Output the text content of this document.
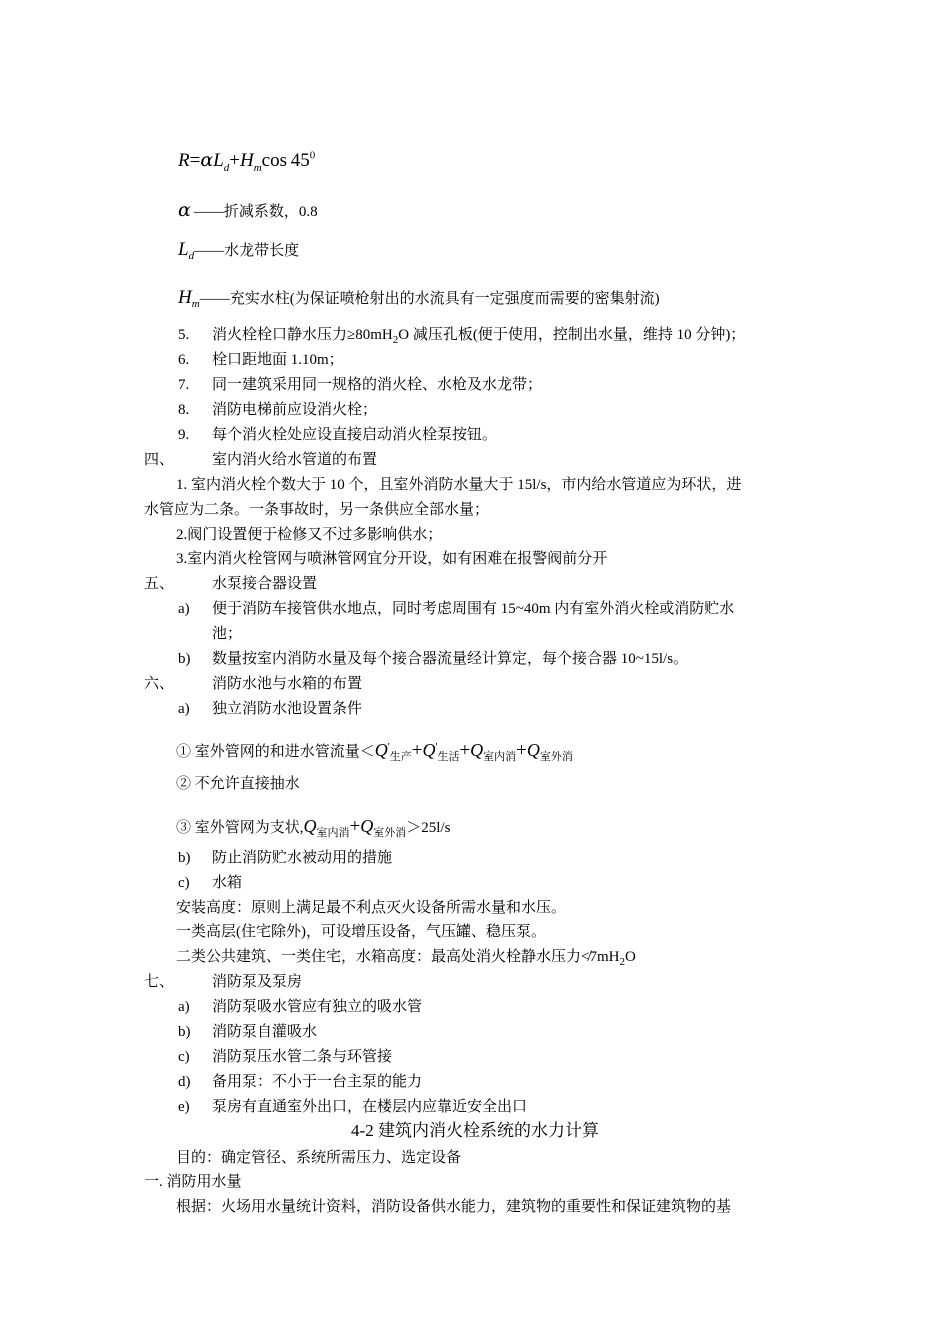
$R=\alpha L_d+H_m\cos$  $45^0$
α  ——折减系数，0.8
$L_d——$水龙带长度
$H_m——$充实水柱(为保证喷枪射出的水流具有一定强度而需要的密集射流)
5. 消火栓栓口静水压力$\ge 80mH_2O$ 减压孔板(便于使用，控制出水量，维持 10 分钟)；
6. 栓口距地面 1.10m；
7. 同一建筑采用同一规格的消火栓、水枪及水龙带；
8. 消防电梯前应设消火栓；
9. 每个消火栓处应设直接启动消火栓泵按钮。
四、	室内消火给水管道的布置
1. 室内消火栓个数大于 10 个，且室外消防水量大于 15l/s，市内给水管道应为环状，进
水管应为二条。一条事故时，另一条供应全部水量；
2.阀门设置便于检修又不过多影响供水；
3.室内消火栓管网与喷淋管网宜分开设，如有困难在报警阀前分开
五、	水泵接合器设置
a) 便于消防车接管供水地点，同时考虑周围有 15~40m 内有室外消火栓或消防贮水
池；
b) 数量按室内消防水量及每个接合器流量经计算定，每个接合器 10~15l/s。
六、	消防水池与水箱的布置
a) 独立消防水池设置条件
① 室外管网的和进水管流量$<Q'_{生产}+Q'_{生活}+Q_{室内消}+Q_{室外消}$
② 不允许直接抽水
③ 室外管网为支状$,Q_{室内消}+Q_{室外消}>25l/s$
b) 防止消防贮水被动用的措施
c) 水箱
安装高度：原则上满足最不利点灭火设备所需水量和水压。
一类高层(住宅除外)，可设增压设备，气压罐、稳压泵。
二类公共建筑、一类住宅，水箱高度：最高处消火栓静水压力$≮7mH_2O$
七、	消防泵及泵房
a) 消防泵吸水管应有独立的吸水管
b) 消防泵自灌吸水
c) 消防泵压水管二条与环管接
d) 备用泵：不小于一台主泵的能力
e) 泵房有直通室外出口，在楼层内应靠近安全出口
4-2 建筑内消火栓系统的水力计算
目的：确定管径、系统所需压力、选定设备
一. 消防用水量
根据：火场用水量统计资料，消防设备供水能力，建筑物的重要性和保证建筑物的基
